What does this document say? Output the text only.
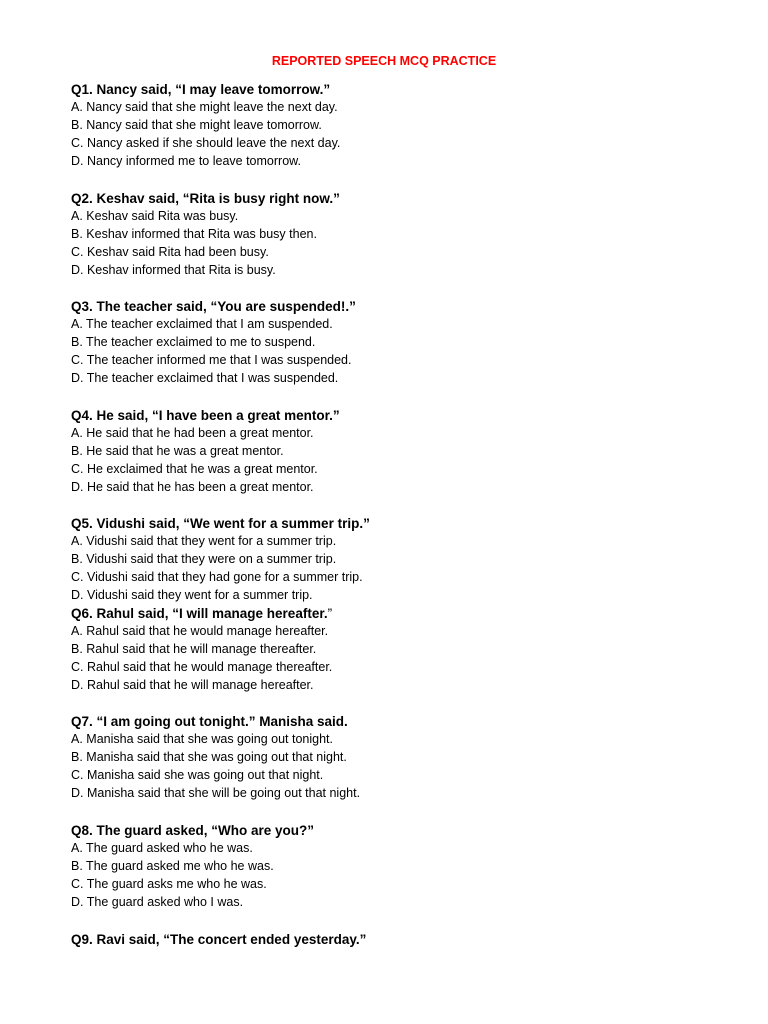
REPORTED SPEECH MCQ PRACTICE

Q1. Nancy said, “I may leave tomorrow.”

A. Nancy said that she might leave the next day.

B. Nancy said that she might leave tomorrow.

C. Nancy asked if she should leave the next day.

D. Nancy informed me to leave tomorrow.

Q2. Keshav said, “Rita is busy right now.”

A. Keshav said Rita was busy.

B. Keshav informed that Rita was busy then.

C. Keshav said Rita had been busy.

D. Keshav informed that Rita is busy.

Q3. The teacher said, “You are suspended!.”

A. The teacher exclaimed that I am suspended.

B. The teacher exclaimed to me to suspend.

C. The teacher informed me that I was suspended.

D. The teacher exclaimed that I was suspended.

Q4. He said, “I have been a great mentor.”

A. He said that he had been a great mentor.

B. He said that he was a great mentor.

C. He exclaimed that he was a great mentor.

D. He said that he has been a great mentor.

Q5. Vidushi said, “We went for a summer trip.”

A. Vidushi said that they went for a summer trip.

B. Vidushi said that they were on a summer trip.

C. Vidushi said that they had gone for a summer trip.

D. Vidushi said they went for a summer trip.

Q6. Rahul said, “I will manage hereafter.”

A. Rahul said that he would manage hereafter.

B. Rahul said that he will manage thereafter.

C. Rahul said that he would manage thereafter.

D. Rahul said that he will manage hereafter.

Q7. “I am going out tonight.” Manisha said.

A. Manisha said that she was going out tonight.

B. Manisha said that she was going out that night.

C. Manisha said she was going out that night.

D. Manisha said that she will be going out that night.

Q8. The guard asked, “Who are you?”

A. The guard asked who he was.

B. The guard asked me who he was.

C. The guard asks me who he was.

D. The guard asked who I was.

Q9. Ravi said, “The concert ended yesterday.”
